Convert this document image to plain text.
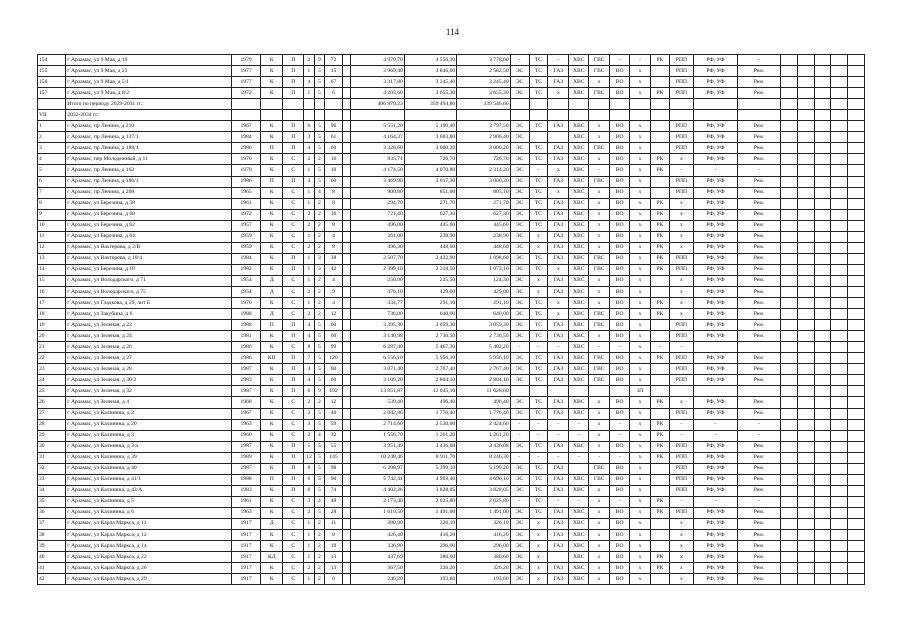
114
154	г Арзамас, ул 9 Мая, д 19	1979	К	П	2	9	72		4 970,70	4 556,30	3 778,60	-	ТС	-	ХВС	ГВС	-	-	РК	РПП	РФ, УФ	-					
155	г Арзамас, ул 9 Мая, д 23	1977	К	П	1	5	15		3 969,40	3 846,60	2 582,50	ЭС	ТС	ГАЗ	ХВС	ГВС	ВО	х		РПП	РФ, УФ	Рем.					
156	г Арзамас, ул 9 Мая, д 5/1	1977	К	П	4	5	67		3 317,80	3 245,40	3 245,40	ЭС	ТС	ГАЗ	ХВС	х	ВО	х		РПП	РФ, УФ	Рем.					
157	г Арзамас, ул 9 Мая, д 8/2	1972	К	П	1	5	6		4 203,60	3 655,30	3 655,30	ЭС	ТС	х	ХВС	ГВС	ВО	х	РК	РПП	РФ, УФ	Рем.					
	Итого по периоду 2029-2031 гг.:								406 870,23	359 494,86	339 546,66																
VII	2032-2034 гг.:																										
1	г Арзамас, пр Ленина, д 210	1967	К	П	6	5	96		5 551,20	5 190,40	3 797,50	ЭС	ТС	ГАЗ	ХВС	х	ВО	х		РПП	РФ, УФ	Рем.					
2	г Арзамас, пр Ленина, д 137/1	1984	К	П	3	5	61		4 164,37	3 603,80	2 906,40	ЭС			ХВС	х	ВО	х		РПП	РФ, УФ	Рем.					
3	г Арзамас, пр Ленина, д 188/1	1986	П	П	4	5	60		3 328,60	3 000,20	3 000,20	ЭС	ТС	ГАЗ	ХВС	ГВС	ВО	х		РПП	РФ, УФ	Рем.					
4	г Арзамас, пер Молодежный, д 11	1970	К	С	2	2	16		835,71	726,70	726,70	ЭС	ТС	ГАЗ	ХВС	х	ВО	х	РК	х	РФ, УФ	Рем.					
5	г Арзамас, пр Ленина, д 162	1970	К	С	1	5	10		4 174,50	4 070,80	2 314,20	ЭС	-	х	ХВС	-	ВО	х	РК	-	-	-					
6	г Арзамас, пр Ленина, д 186/1	1986	П	П	4	5	60		3 469,90	3 017,30	3 000,20	ЭС	ТС	ГАЗ	ХВС	ГВС	ВО	х		РПП	РФ, УФ	Рем.					
7	г Арзамас, пр Ленина, д 208	1965	К	С	1	4	8		900,80	851,00	805,10	ЭС	ТС	х	ХВС	х	ВО	х		РПП	РФ, УФ	Рем.					
8	г Арзамас, ул Березина, д 58	1961	К	С	1	2	8		294,70	271,70	271,70	ЭС	ТС	ГАЗ	ХВС	х	ВО	х	РК	х	РФ, УФ	Рем.					
9	г Арзамас, ул Березина, д 60	1972	К	С	2	2	16		721,40	627,30	627,30	ЭС	ТС	ГАЗ	ХВС	х	ВО	х	РК	х	РФ, УФ	Рем.					
10	г Арзамас, ул Березина, д 62	1957	К	С	2	2	8		496,00	445,60	445,60	ЭС	ТС	ГАЗ	ХВС	х	ВО	х	РК	х	РФ, УФ	Рем.					
11	г Арзамас, ул Березина, д 64	1959	К	С	1	2	4		261,00	238,90	238,90	ЭС	х	ГАЗ	ХВС	х	ВО	х	РК	х	РФ, УФ	Рем.					
12	г Арзамас, ул Вахтерова, д 2/В	1959	К	С	2	2	8		496,30	448,60	448,60	ЭС	х	ГАЗ	ХВС	х	ВО	х	РК	х	РФ, УФ	Рем.					
13	г Арзамас, ул Вахтерова, д 18/4	1984	К	П	1	3	38		2 507,70	2 422,90	1 098,60	ЭС	ТС	ГАЗ	ХВС	ГВС	ВО	х	РК	РПП	РФ, УФ	Рем.					
14	г Арзамас, ул Березина, д 18	1982	К	П	1	3	42		2 399,10	2 318,50	1 073,10	ЭС	ТС	х	ХВС	ГВС	ВО	х	РК	РПП	РФ, УФ	Рем.					
15	г Арзамас, ул Володарского, д 71	1954	Д	С	1	2	4		250,00	235,50	124,30	ЭС	х	ГАЗ	ХВС	х	ВО	х		х	РФ, УФ	Рем.					
16	г Арзамас, ул Володарского, д 75	1954	Д	С	2	2	9		476,10	429,00	429,00	ЭС	х	ГАЗ	ХВС	х	ВО	х		х	РФ, УФ	Рем.					
17	г Арзамас, ул Гладкова, д 29, лит Б	1970	К	С	1	2	4		334,77	291,10	291,10	ЭС	ТС	х	ХВС	х	ВО	х	РК	х	РФ, УФ	Рем.					
18	г Арзамас, ул Закубина, д 6	1988	Д	С	2	2	12		736,00	640,00	640,00	ЭС	ТС	х	ХВС	ГВС	ВО	х	РК	х	РФ, УФ	Рем.					
19	г Арзамас, ул Зеленая, д 22	1988	П	П	4	5	60		3 395,30	3 059,30	3 059,30	ЭС	ТС	ГАЗ	ХВС	ГВС	ВО	х		РПП	РФ, УФ	Рем.					
20	г Арзамас, ул Зеленая, д 24	1981	К	П	4	5	60		3 140,98	2 730,50	2 730,50	ЭС	ТС	ГАЗ	ХВС	х	ВО	х		РПП	РФ, УФ	Рем.					
21	г Арзамас, ул Зеленая, д 26	1986	К	С	8	5	99		6 287,40	5 467,30	5 402,20	-	-	-	ХВС	-	-	х	-	-							
22	г Арзамас, ул Зеленая, д 27	1986	КП	П	7	5	120		6 556,10	5 956,10	5 956,10	ЭС	ТС	ГАЗ	ХВС	ГВС	ВО	х	РК	РПП	РФ, УФ	Рем.					
23	г Арзамас, ул Зеленая, д 28	1987	К	П	4	5	60		3 071,40	2 767,40	2 767,40	ЭС	ТС	ГАЗ	ХВС	ГВС	ВО	х		РПП	РФ, УФ	Рем.					
24	г Арзамас, ул Зеленая, д 30/2	1983	К	П	4	5	60		3 109,20	2 804,10	2 804,10	ЭС	ТС	ГАЗ	ХВС	ГВС	ВО	х		РПП	РФ, УФ	Рем.					
25	г Арзамас, ул Зеленая, д 32	1987	К	П	6	9	192		13 851,87	12 045,10	11 628,60							ЗЛ									
26	г Арзамас, ул Зеленая, д 4	1968	К	С	2	2	12		539,40	496,40	496,40	ЭС	ТС	ГАЗ	ХВС	х	ВО	х	РК	х	РФ, УФ	Рем.					
27	г Арзамас, ул Калинина, д 2	1967	К	С	2	5	40		2 042,86	1 776,40	1 776,40	ЭС	ТС	ГАЗ	ХВС	х	ВО	х		РПП	РФ, УФ	Рем.					
28	г Арзамас, ул Калинина, д 20	1963	К	С	3	5	59		2 714,60	2 530,00	2 424,60	-	-	-	-	х	-	х	РК	-	-	-					
29	г Арзамас, ул Калинина, д 3	1960	К	С	2	4	32		1 556,70	1 261,20	1 261,20	-	-	-	-	х	-	х	РК	-	-	-					
30	г Арзамас, ул Калинина, д 3/а	1987	К	П	5	5	55		3 951,49	3 436,08	3 436,08	ЭС	ТС	ГАЗ	ХВС	х	ВО	х	РК	РПП	РФ, УФ	Рем.					
31	г Арзамас, ул Калинина, д 39	1989	К	П	12	5	145		10 248,46	8 911,70	8 246,30	-	-	-	-	-	-	х	РК	РПП	РФ, УФ	Рем.					
32	г Арзамас, ул Калинина, д 40	1987	К	П	8	5	98		6 208,97	5 399,10	5 199,20	ЭС	ТС	ГАЗ		ГВС	ВО	х		РПП	РФ, УФ	Рем.					
33	г Арзамас, ул Калинина, д 41/1	1988	П	П	6	5	90		5 742,41	4 993,40	4 696,10	ЭС	ТС	ГАЗ	ХВС	ГВС	ВО	х		РПП	РФ, УФ	Рем.					
34	г Арзамас, ул Калинина, д 43/А	1983	К	П	6	5	74		4 402,26	3 828,05	3 828,05	ЭС	ТС	ГАЗ	ХВС	х	ВО	х		РПП	РФ, УФ	Рем.					
35	г Арзамас, ул Калинина, д 5	1961	К	С	3	4	48		2 173,40	2 025,80	2 025,80	-	ТС	-	-	х	-	х	РК	-	-	-					
36	г Арзамас, ул Калинина, д 6	1963	К	С	2	5	28		1 610,50	1 491,00	1 491,00	ЭС	ТС	ГАЗ	ХВС	х	ВО	х	РК	РПП	РФ, УФ	Рем.					
37	г Арзамас, ул Карла Маркса, д 11	1917	Д	С	1	2	11		380,90	326,10	326,10	ЭС	х	ГАЗ	ХВС	х	ВО	х		х	РФ, УФ	Рем.					
38	г Арзамас, ул Карла Маркса, д 12	1917	К	С	1	2	8		426,40	416,20	416,20	ЭС	х	ГАЗ	ХВС	х	ВО	х		х	РФ, УФ	Рем.					
39	г Арзамас, ул Карла Маркса, д 14	1917	К	С	1	2	10		336,90	296,00	296,00	ЭС	х	ГАЗ	ХВС	х	ВО	х		х	РФ, УФ	Рем.					
40	г Арзамас, ул Карла Маркса, д 22	1917	КД	С	1	2	13		437,69	380,60	380,60	ЭС	х		ХВС	х	ВО	х	РК	х	РФ, УФ	Рем.					
41	г Арзамас, ул Карла Маркса, д 26	1917	К	С	2	2	13		367,50	326,20	326,20	ЭС	х	ГАЗ	ХВС	х	ВО	х	РК	х	РФ, УФ	Рем.					
42	г Арзамас, ул Карла Маркса, д 29	1917	К	С	1	2	6		246,20	193,60	193,60	ЭС	х	ГАЗ	ХВС	х	ВО	х		х	РФ, УФ	Рем.					
